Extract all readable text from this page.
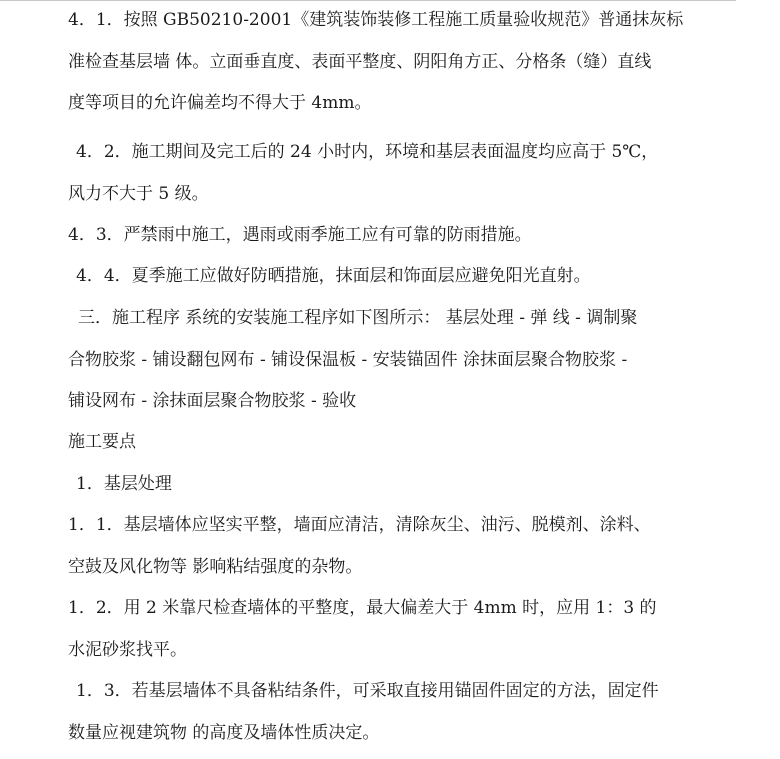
4．1．按照 GB50210-2001《建筑装饰装修工程施工质量验收规范》普通抹灰标
准检查基层墙 体。立面垂直度、表面平整度、阴阳角方正、分格条（缝）直线
度等项目的允许偏差均不得大于 4mm。
4．2．施工期间及完工后的 24 小时内，环境和基层表面温度均应高于 5℃，
风力不大于 5 级。
4．3．严禁雨中施工，遇雨或雨季施工应有可靠的防雨措施。
4．4．夏季施工应做好防晒措施，抹面层和饰面层应避免阳光直射。
三．施工程序 系统的安装施工程序如下图所示： 基层处理 - 弹 线 - 调制聚
合物胶浆 - 铺设翻包网布 - 铺设保温板 - 安装锚固件 涂抹面层聚合物胶浆 -
铺设网布 - 涂抹面层聚合物胶浆 - 验收
施工要点
1．基层处理
1．1．基层墙体应坚实平整，墙面应清洁，清除灰尘、油污、脱模剂、涂料、
空鼓及风化物等 影响粘结强度的杂物。
1．2．用 2 米靠尺检查墙体的平整度，最大偏差大于 4mm 时，应用 1：3 的
水泥砂浆找平。
1．3．若基层墙体不具备粘结条件，可采取直接用锚固件固定的方法，固定件
数量应视建筑物 的高度及墙体性质决定。
